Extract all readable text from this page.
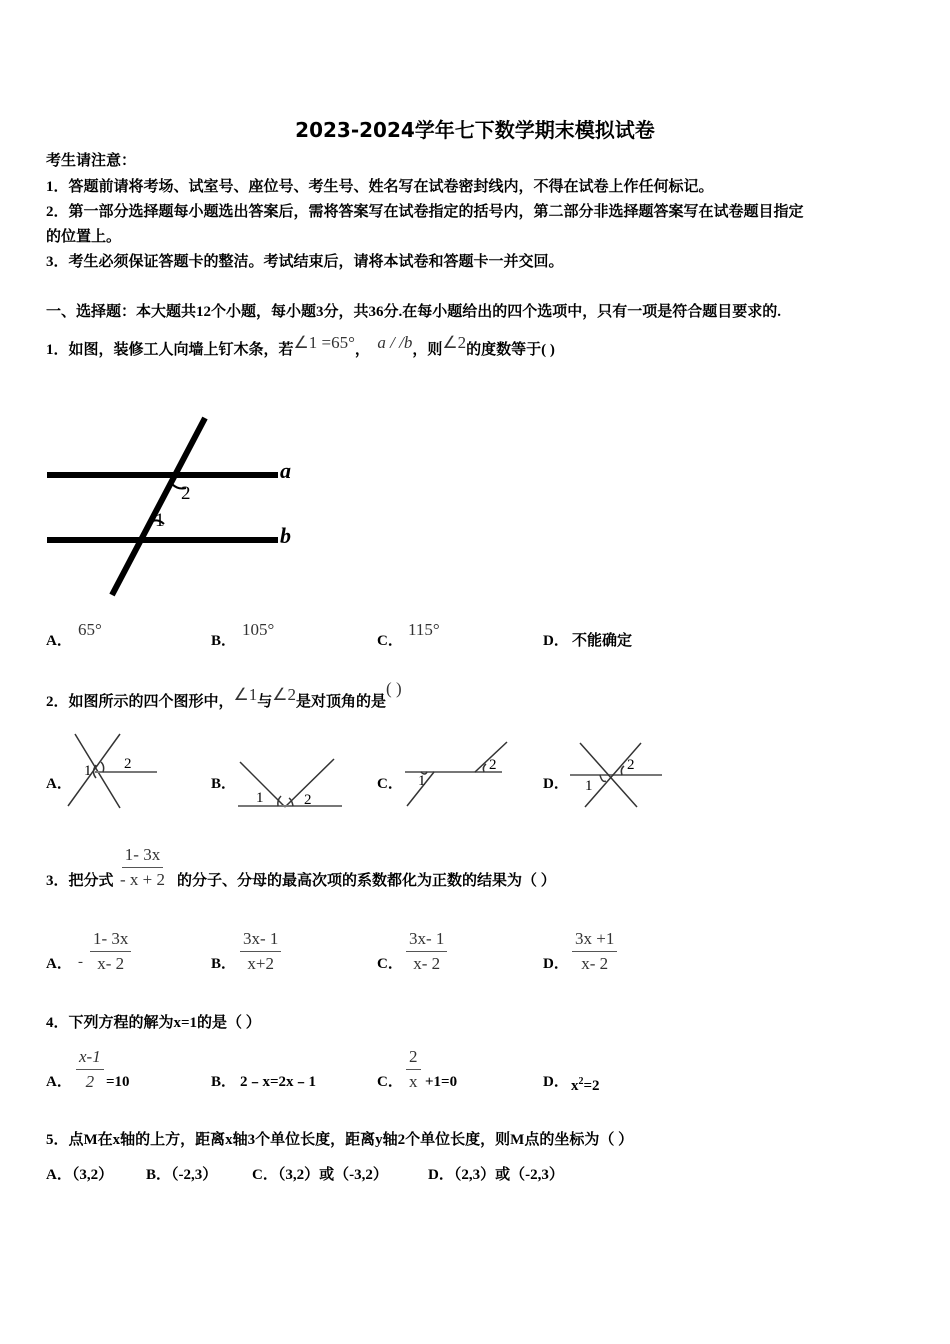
2023-2024学年七下数学期末模拟试卷
考生请注意：
1．答题前请将考场、试室号、座位号、考生号、姓名写在试卷密封线内，不得在试卷上作任何标记。
2．第一部分选择题每小题选出答案后，需将答案写在试卷指定的括号内，第二部分非选择题答案写在试卷题目指定
的位置上。
3．考生必须保证答题卡的整洁。考试结束后，请将本试卷和答题卡一并交回。
一、选择题：本大题共12个小题，每小题3分，共36分.在每小题给出的四个选项中，只有一项是符合题目要求的.
1．如图，装修工人向墙上钉木条，若∠1 =65°， a / /b，则∠2的度数等于( )
a
b
2
1
A．
65°
B．
105°
C．
115°
D． 不能确定
2．如图所示的四个图形中，∠1与∠2是对顶角的是( )
A．
1 2
B．
1	2
C． 1
2
D． 1
2
3．把分式 $\frac{1- 3x}{- x + 2}$ 的分子、分母的最高次项的系数都化为正数的结果为（ ）
A． - $\frac{1- 3x}{x- 2}$	B． $\frac{3x- 1}{x+2}$	C． $\frac{3x- 1}{x- 2}$	D． $\frac{3x +1}{x- 2}$
4．下列方程的解为x=1的是（ ）
A． $\frac{x-1}{2} =10$	B． 2﹣x=2x﹣1	C． $\frac{2}{x} +1=0$	D． $x^2=2$
5．点M在x轴的上方，距离x轴3个单位长度，距离y轴2个单位长度，则M点的坐标为（ ）
A．（3,2） B．（-2,3） C．（3,2）或（-3,2）	D．（2,3）或（-2,3）
